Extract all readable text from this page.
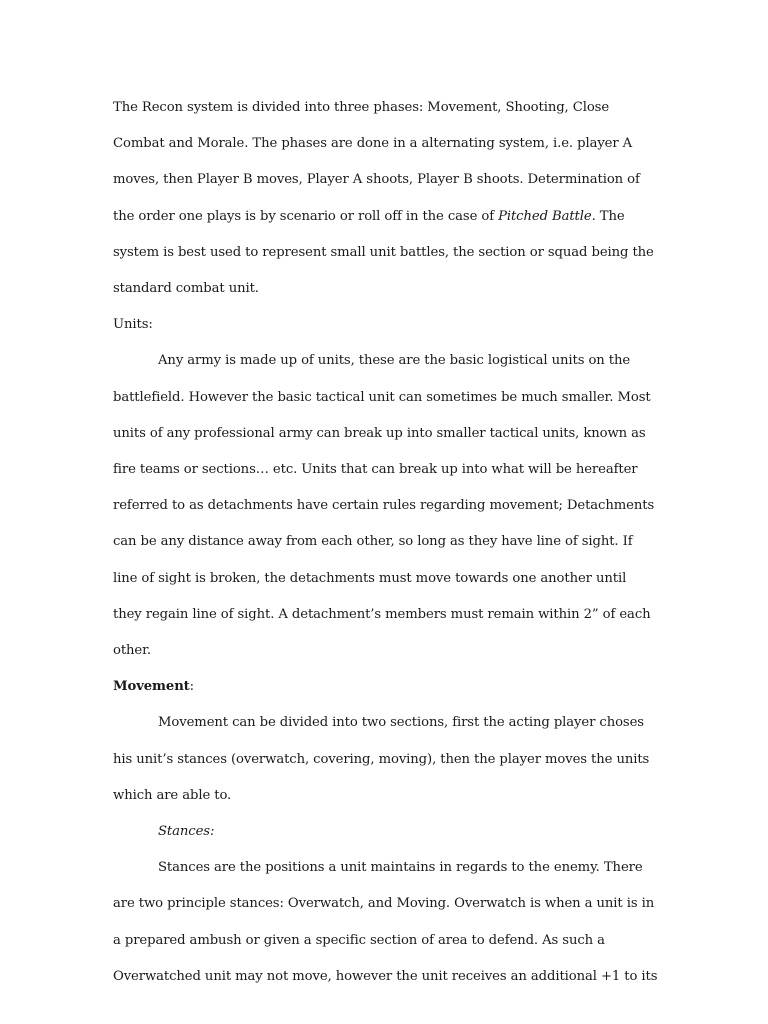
The Recon system is divided into three phases: Movement, Shooting, Close Combat and Morale. The phases are done in a alternating system, i.e. player A moves, then Player B moves, Player A shoots, Player B shoots. Determination of the order one plays is by scenario or roll off in the case of Pitched Battle. The system is best used to represent small unit battles, the section or squad being the standard combat unit.

Units:

Any army is made up of units, these are the basic logistical units on the battlefield. However the basic tactical unit can sometimes be much smaller. Most units of any professional army can break up into smaller tactical units, known as fire teams or sections… etc. Units that can break up into what will be hereafter referred to as detachments have certain rules regarding movement; Detachments can be any distance away from each other, so long as they have line of sight. If line of sight is broken, the detachments must move towards one another until they regain line of sight. A detachment’s members must remain within 2” of each other.

Movement:

Movement can be divided into two sections, first the acting player choses his unit’s stances (overwatch, covering, moving), then the player moves the units which are able to.

Stances:

Stances are the positions a unit maintains in regards to the enemy. There are two principle stances: Overwatch, and Moving. Overwatch is when a unit is in a prepared ambush or given a specific section of area to defend. As such a Overwatched unit may not move, however the unit receives an additional +1 to its
